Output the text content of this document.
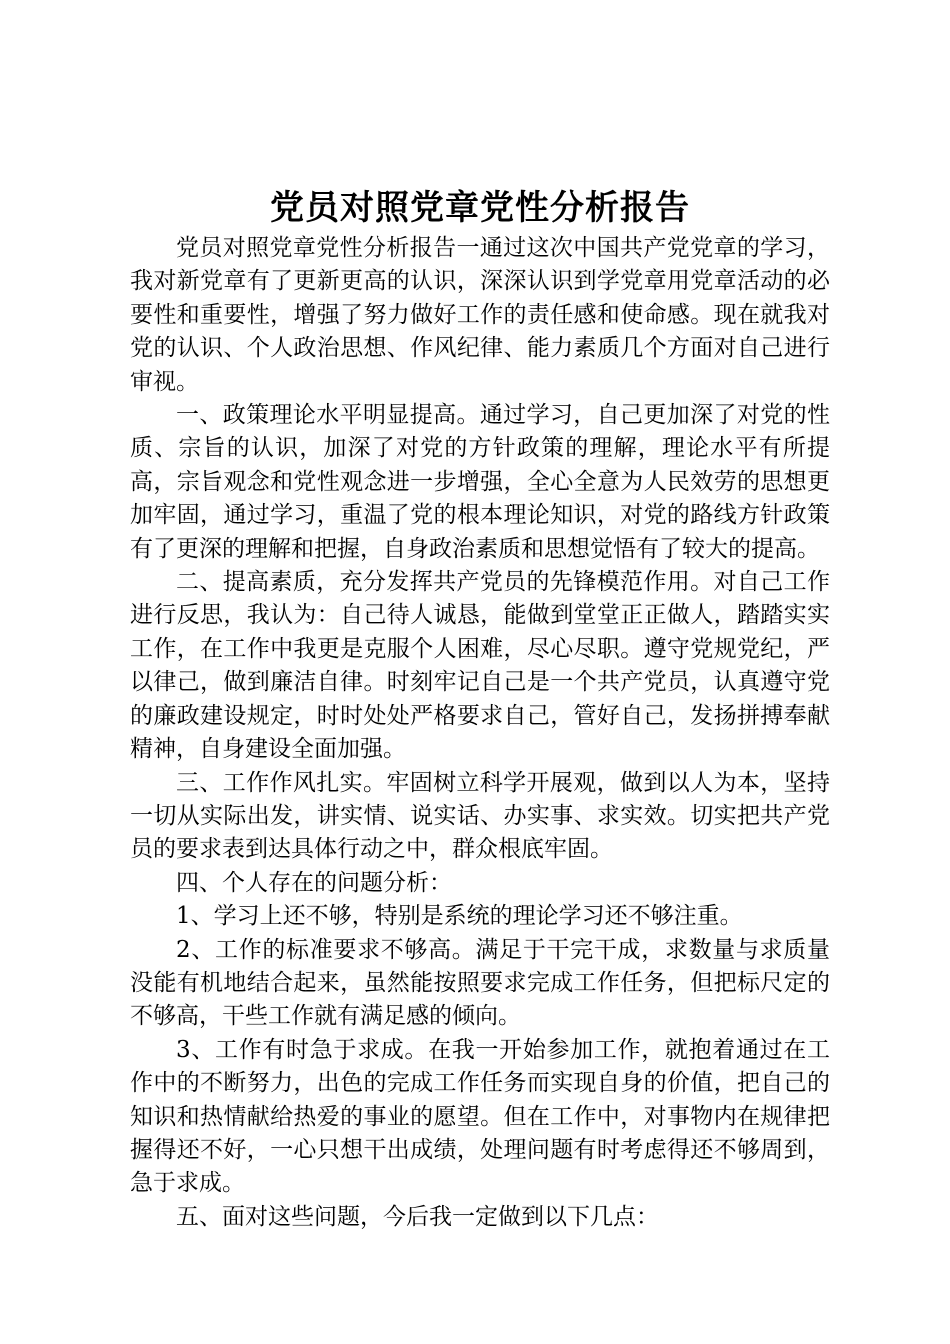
党员对照党章党性分析报告

党员对照党章党性分析报告一通过这次中国共产党党章的学习，我对新党章有了更新更高的认识，深深认识到学党章用党章活动的必要性和重要性，增强了努力做好工作的责任感和使命感。现在就我对党的认识、个人政治思想、作风纪律、能力素质几个方面对自己进行审视。

一、政策理论水平明显提高。通过学习，自己更加深了对党的性质、宗旨的认识，加深了对党的方针政策的理解，理论水平有所提高，宗旨观念和党性观念进一步增强，全心全意为人民效劳的思想更加牢固，通过学习，重温了党的根本理论知识，对党的路线方针政策有了更深的理解和把握，自身政治素质和思想觉悟有了较大的提高。

二、提高素质，充分发挥共产党员的先锋模范作用。对自己工作进行反思，我认为：自己待人诚恳，能做到堂堂正正做人，踏踏实实工作，在工作中我更是克服个人困难，尽心尽职。遵守党规党纪，严以律己，做到廉洁自律。时刻牢记自己是一个共产党员，认真遵守党的廉政建设规定，时时处处严格要求自己，管好自己，发扬拼搏奉献精神，自身建设全面加强。

三、工作作风扎实。牢固树立科学开展观，做到以人为本，坚持一切从实际出发，讲实情、说实话、办实事、求实效。切实把共产党员的要求表到达具体行动之中，群众根底牢固。

四、个人存在的问题分析：

1、学习上还不够，特别是系统的理论学习还不够注重。

2、工作的标准要求不够高。满足于干完干成，求数量与求质量没能有机地结合起来，虽然能按照要求完成工作任务，但把标尺定的不够高，干些工作就有满足感的倾向。

3、工作有时急于求成。在我一开始参加工作，就抱着通过在工作中的不断努力，出色的完成工作任务而实现自身的价值，把自己的知识和热情献给热爱的事业的愿望。但在工作中，对事物内在规律把握得还不好，一心只想干出成绩，处理问题有时考虑得还不够周到，急于求成。

五、面对这些问题，今后我一定做到以下几点：
